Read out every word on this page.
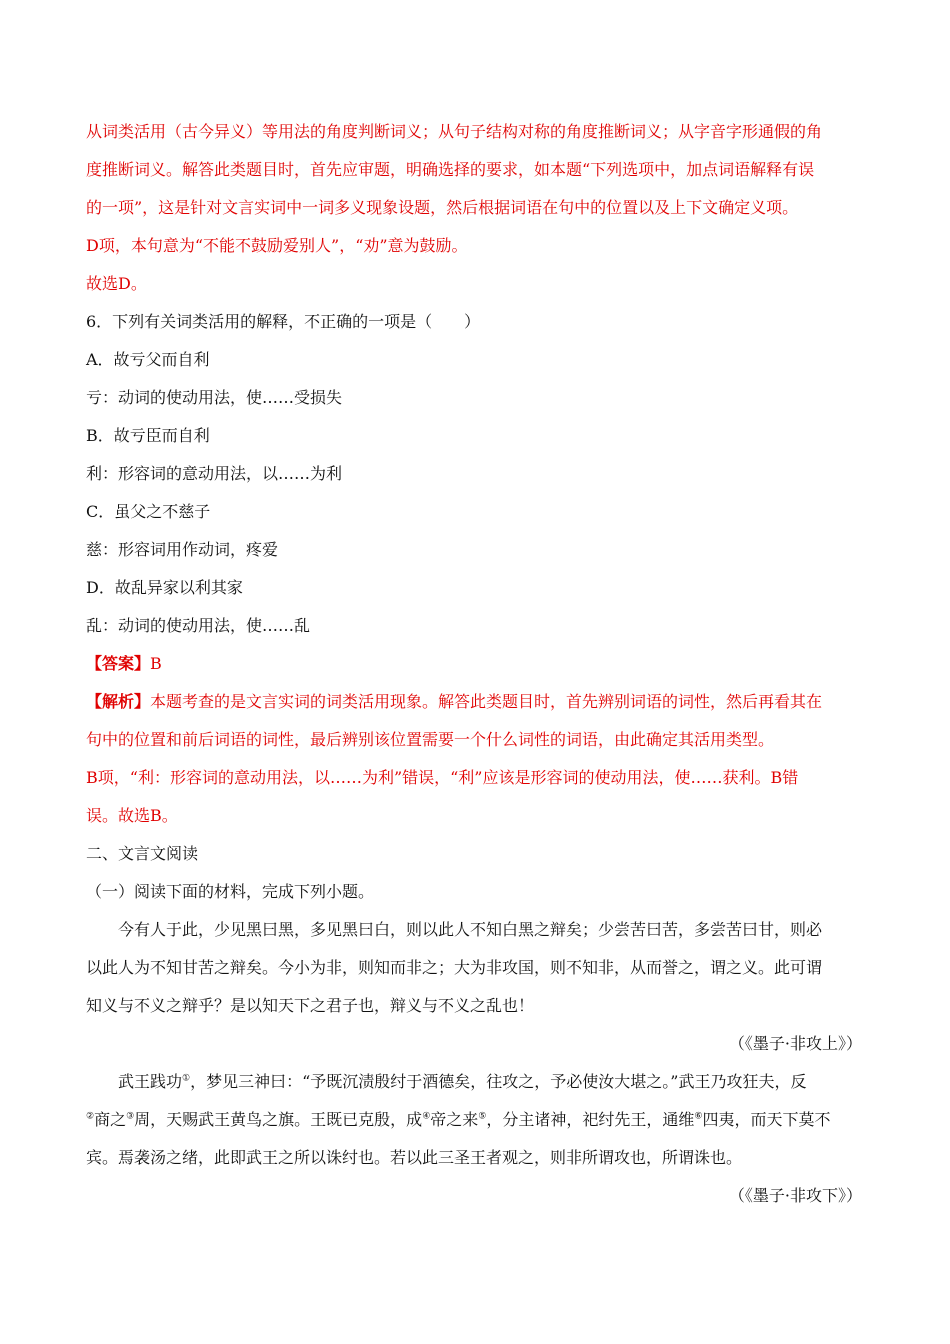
从词类活用（古今异义）等用法的角度判断词义；从句子结构对称的角度推断词义；从字音字形通假的角
度推断词义。解答此类题目时，首先应审题，明确选择的要求，如本题“下列选项中，加点词语解释有误
的一项”，这是针对文言实词中一词多义现象设题，然后根据词语在句中的位置以及上下文确定义项。
D项，本句意为“不能不鼓励爱别人”，“劝”意为鼓励。
故选D。
6．下列有关词类活用的解释，不正确的一项是（　　）
A．故亏父而自利
亏：动词的使动用法，使……受损失
B．故亏臣而自利
利：形容词的意动用法，以……为利
C．虽父之不慈子
慈：形容词用作动词，疼爱
D．故乱异家以利其家
乱：动词的使动用法，使……乱
【答案】B
【解析】本题考查的是文言实词的词类活用现象。解答此类题目时，首先辨别词语的词性，然后再看其在
句中的位置和前后词语的词性，最后辨别该位置需要一个什么词性的词语，由此确定其活用类型。
B项，“利：形容词的意动用法，以……为利”错误，“利”应该是形容词的使动用法，使……获利。B错
误。故选B。
二、文言文阅读
（一）阅读下面的材料，完成下列小题。
今有人于此，少见黑曰黑，多见黑曰白，则以此人不知白黑之辩矣；少尝苦曰苦，多尝苦曰甘，则必
以此人为不知甘苦之辩矣。今小为非，则知而非之；大为非攻国，则不知非，从而誉之，谓之义。此可谓
知义与不义之辩乎？是以知天下之君子也，辩义与不义之乱也！
（《墨子·非攻上》）
武王践功①，梦见三神曰：“予既沉渍殷纣于酒德矣，往攻之，予必使汝大堪之。”武王乃攻狂夫，反
②商之③周，天赐武王黄鸟之旗。王既已克殷，成④帝之来⑤，分主诸神，祀纣先王，通维⑥四夷，而天下莫不
宾。焉袭汤之绪，此即武王之所以诛纣也。若以此三圣王者观之，则非所谓攻也，所谓诛也。
（《墨子·非攻下》）
